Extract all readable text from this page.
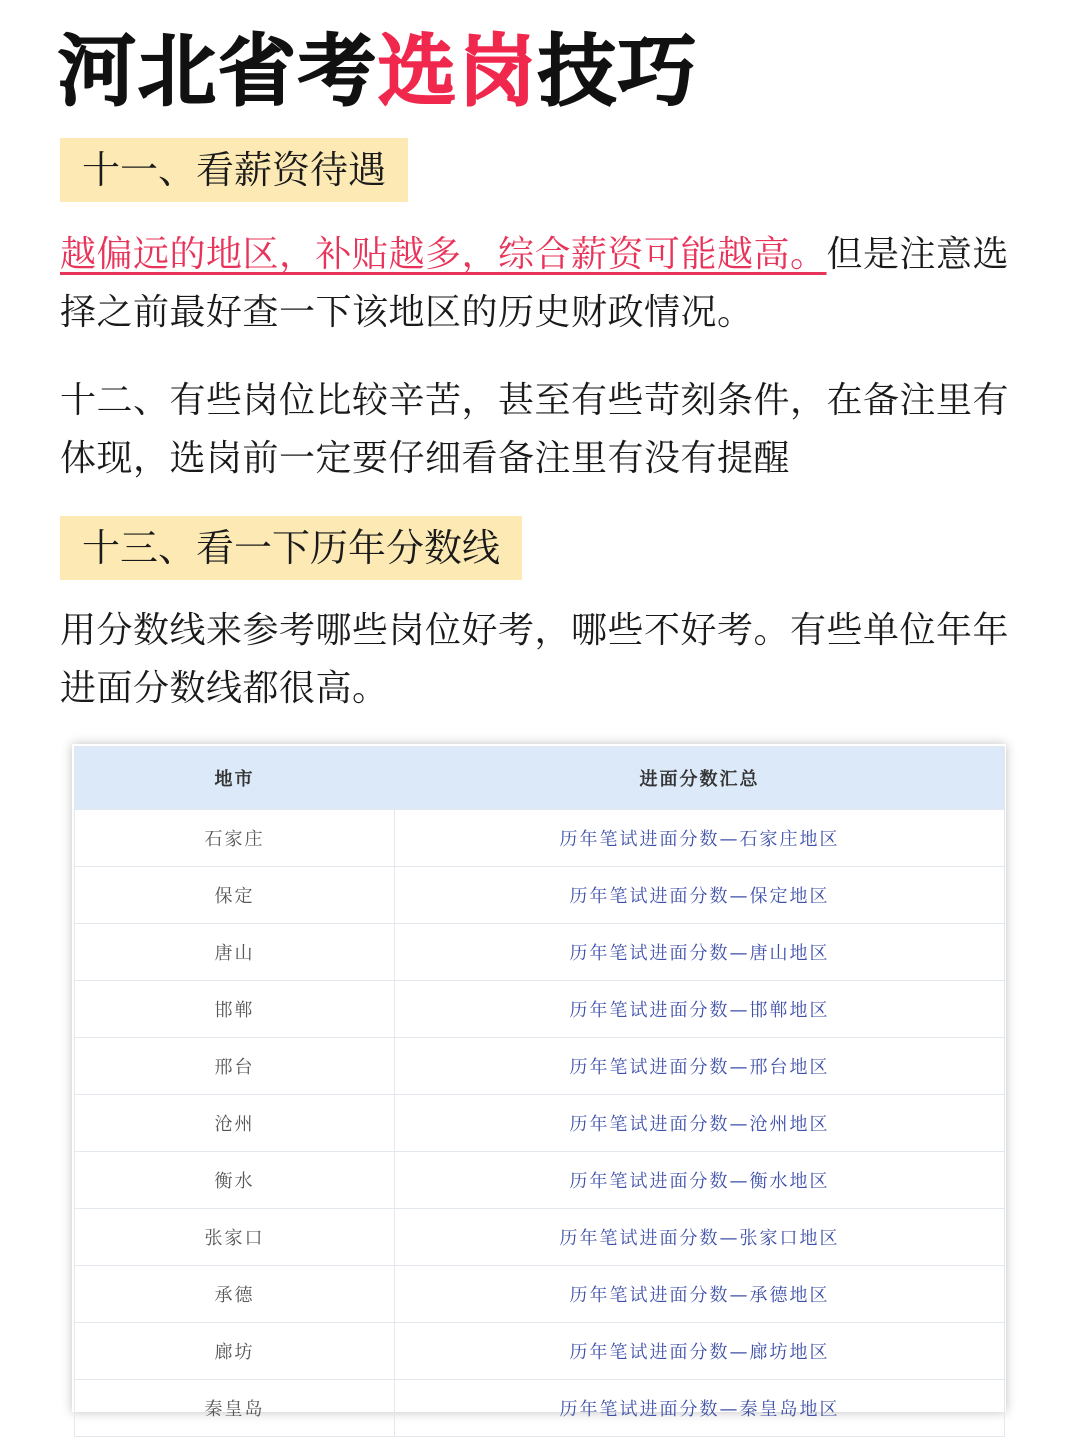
河北省考选岗技巧
十一、看薪资待遇
越偏远的地区，补贴越多，综合薪资可能越高。但是注意选择之前最好查一下该地区的历史财政情况。
十二、有些岗位比较辛苦，甚至有些苛刻条件，在备注里有体现，选岗前一定要仔细看备注里有没有提醒
十三、看一下历年分数线
用分数线来参考哪些岗位好考，哪些不好考。有些单位年年进面分数线都很高。
地市	进面分数汇总
石家庄	历年笔试进面分数—石家庄地区
保定	历年笔试进面分数—保定地区
唐山	历年笔试进面分数—唐山地区
邯郸	历年笔试进面分数—邯郸地区
邢台	历年笔试进面分数—邢台地区
沧州	历年笔试进面分数—沧州地区
衡水	历年笔试进面分数—衡水地区
张家口	历年笔试进面分数—张家口地区
承德	历年笔试进面分数—承德地区
廊坊	历年笔试进面分数—廊坊地区
秦皇岛	历年笔试进面分数—秦皇岛地区
